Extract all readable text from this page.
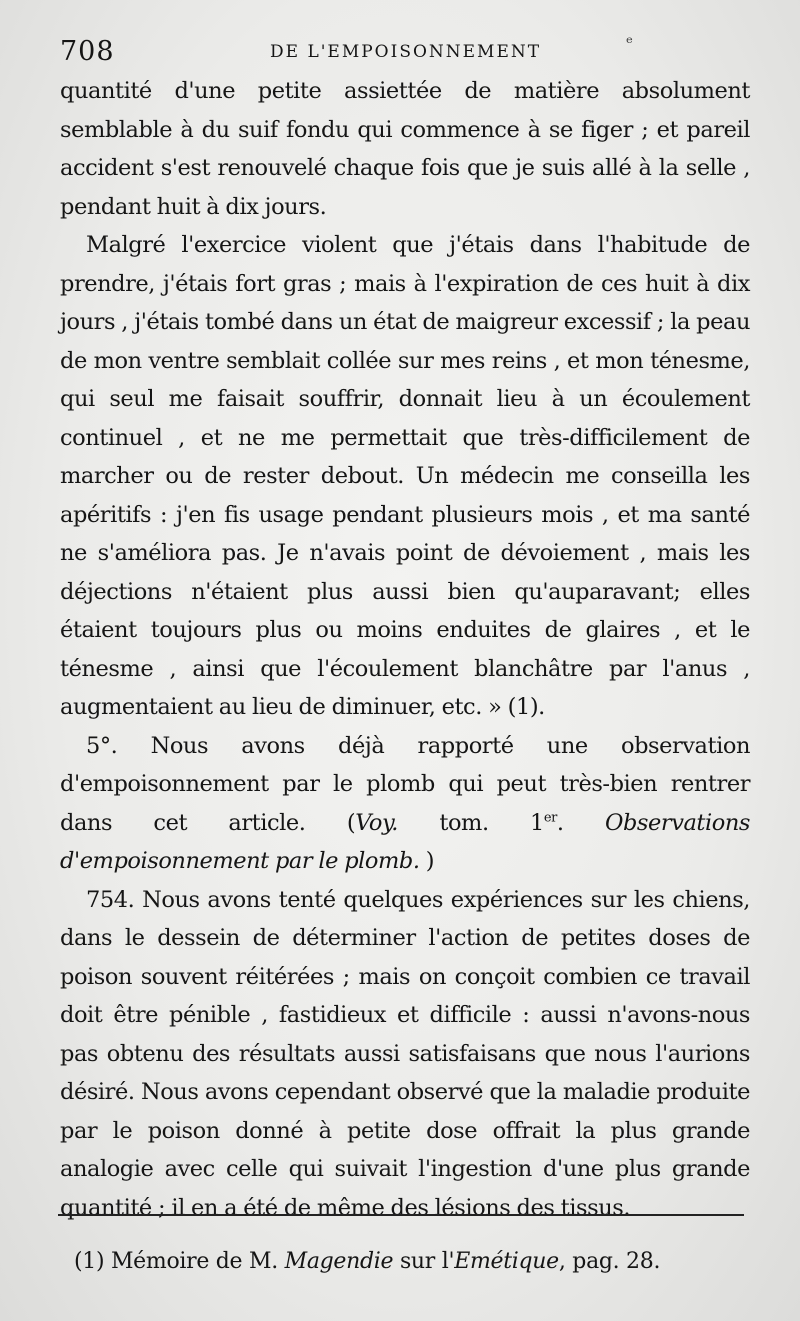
708	DE L'EMPOISONNEMENT	ᵉ

quantité d'une petite assiettée de matière absolument semblable à du suif fondu qui commence à se figer ; et pareil accident s'est renouvelé chaque fois que je suis allé à la selle , pendant huit à dix jours.

Malgré l'exercice violent que j'étais dans l'habitude de prendre, j'étais fort gras ; mais à l'expiration de ces huit à dix jours , j'étais tombé dans un état de maigreur excessif ; la peau de mon ventre semblait collée sur mes reins , et mon ténesme, qui seul me faisait souffrir, donnait lieu à un écoulement continuel , et ne me permettait que très-difficilement de marcher ou de rester debout. Un médecin me conseilla les apéritifs : j'en fis usage pendant plusieurs mois , et ma santé ne s'améliora pas. Je n'avais point de dévoiement , mais les déjections n'étaient plus aussi bien qu'auparavant; elles étaient toujours plus ou moins enduites de glaires , et le ténesme , ainsi que l'écoulement blanchâtre par l'anus , augmentaient au lieu de diminuer, etc. » (1).

5°. Nous avons déjà rapporté une observation d'empoisonnement par le plomb qui peut très-bien rentrer dans cet article. (Voy. tom. 1er. Observations d'empoisonnement par le plomb. )

754. Nous avons tenté quelques expériences sur les chiens, dans le dessein de déterminer l'action de petites doses de poison souvent réitérées ; mais on conçoit combien ce travail doit être pénible , fastidieux et difficile : aussi n'avons-nous pas obtenu des résultats aussi satisfaisans que nous l'aurions désiré. Nous avons cependant observé que la maladie produite par le poison donné à petite dose offrait la plus grande analogie avec celle qui suivait l'ingestion d'une plus grande quantité ; il en a été de même des lésions des tissus.

(1) Mémoire de M. Magendie sur l'Emétique, pag. 28.
